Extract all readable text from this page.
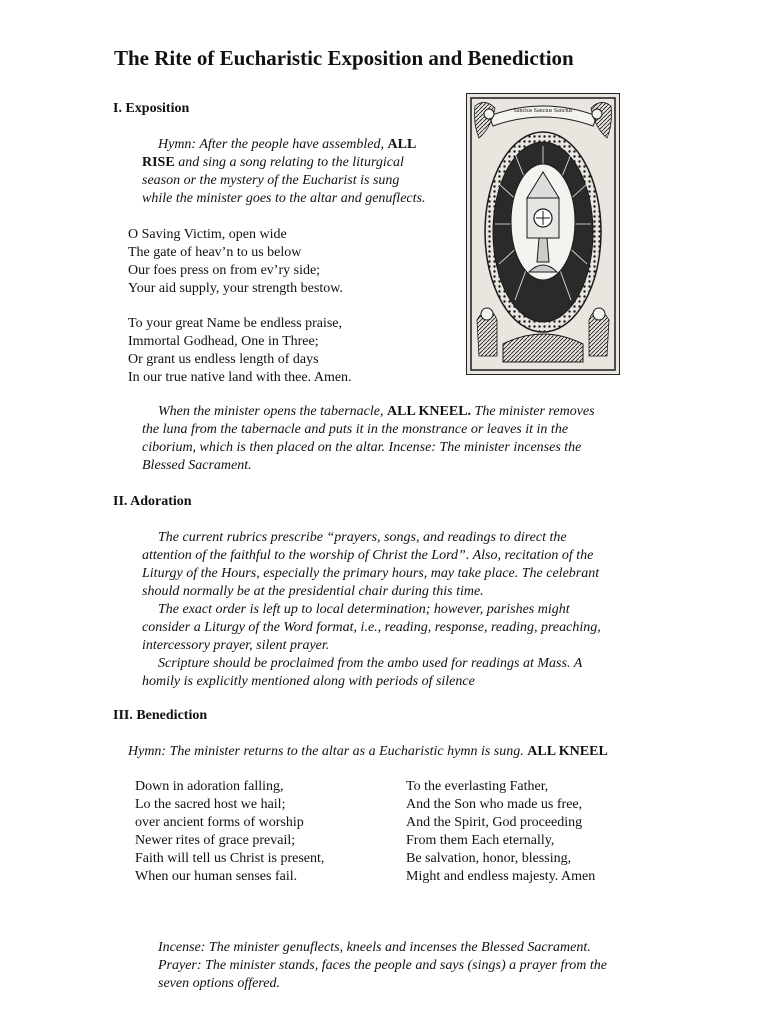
The Rite of Eucharistic Exposition and Benediction
I. Exposition

Hymn: After the people have assembled, ALL
RISE and sing a song relating to the liturgical
season or the mystery of the Eucharist is sung
while the minister goes to the altar and genuflects.

O Saving Victim, open wide
The gate of heav’n to us below
Our foes press on from ev’ry side;
Your aid supply, your strength bestow.
To your great Name be endless praise,
Immortal Godhead, One in Three;
Or grant us endless length of days
In our true native land with thee. Amen.

When the minister opens the tabernacle, ALL KNEEL. The minister removes
the luna from the tabernacle and puts it in the monstrance or leaves it in the
ciborium, which is then placed on the altar. Incense: The minister incenses the
Blessed Sacrament.

Sanctus Sanctus Sanctus
II. Adoration

The current rubrics prescribe “prayers, songs, and readings to direct the
attention of the faithful to the worship of Christ the Lord”. Also, recitation of the
Liturgy of the Hours, especially the primary hours, may take place. The celebrant
should normally be at the presidential chair during this time.
The exact order is left up to local determination; however, parishes might
consider a Liturgy of the Word format, i.e., reading, response, reading, preaching,
intercessory prayer, silent prayer.
Scripture should be proclaimed from the ambo used for readings at Mass. A
homily is explicitly mentioned along with periods of silence

III. Benediction

Hymn: The minister returns to the altar as a Eucharistic hymn is sung. ALL KNEEL

Down in adoration falling,
Lo the sacred host we hail;
over ancient forms of worship
Newer rites of grace prevail;
Faith will tell us Christ is present,
When our human senses fail.
To the everlasting Father,
And the Son who made us free,
And the Spirit, God proceeding
From them Each eternally,
Be salvation, honor, blessing,
Might and endless majesty. Amen

Incense: The minister genuflects, kneels and incenses the Blessed Sacrament.
Prayer: The minister stands, faces the people and says (sings) a prayer from the
seven options offered.
